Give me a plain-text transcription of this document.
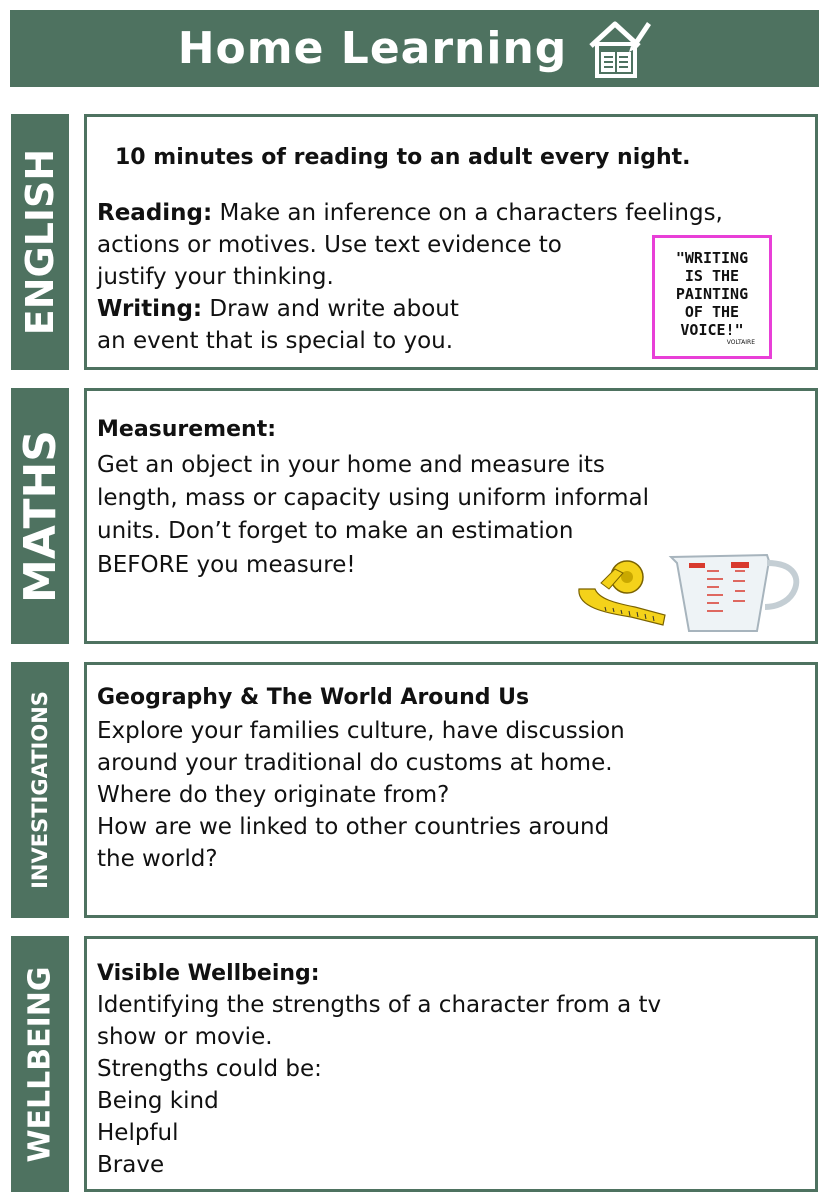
Home Learning
ENGLISH 10 minutes of reading to an adult every night.
Reading: Make an inference on a characters feelings,
actions or motives. Use text evidence to
justify your thinking.
Writing: Draw and write about
an event that is special to you.
"WRITING
IS THE
PAINTING
OF THE
VOICE!"
VOLTAIRE
MATHS
Measurement:
Get an object in your home and measure its
length, mass or capacity using uniform informal
units. Don’t forget to make an estimation
BEFORE you measure!
INVESTIGATIONS Geography & The World Around Us
Explore your families culture, have discussion
around your traditional do customs at home.
Where do they originate from?
How are we linked to other countries around
the world?
WELLBEING Visible Wellbeing:
Identifying the strengths of a character from a tv
show or movie.
Strengths could be:
Being kind
Helpful
Brave
